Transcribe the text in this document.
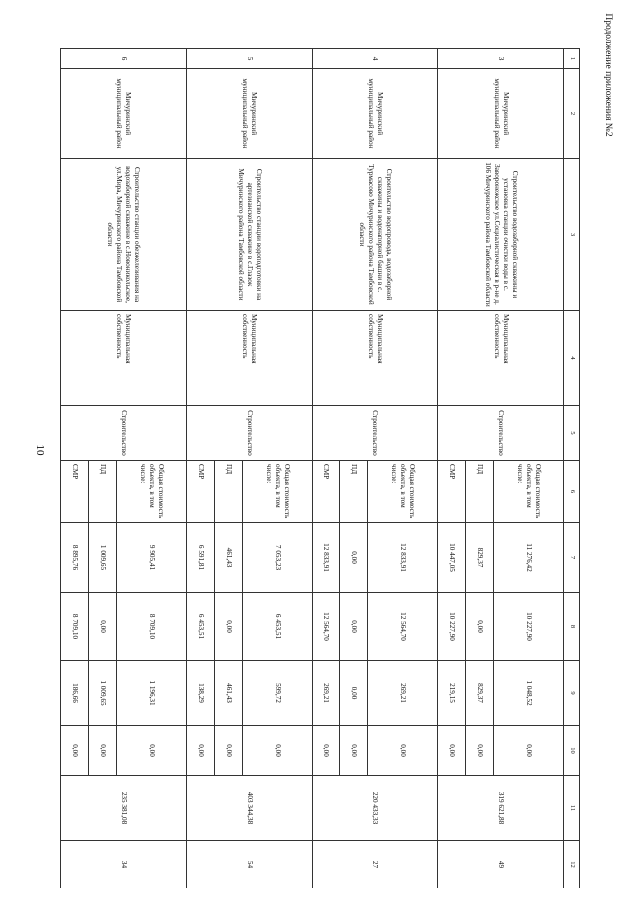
10
Продолжение приложения №2
1	2	3	4	5	6	7	8	9	10	11	12
3	Мичуринский муниципальный район	Строительство водозаборной скважины и установка станции очистки воды в с. Заворонежское ул.Социалистическая в р-не д. 106 Мичуринского района Тамбовской области	Муниципальная собственность	Строительство	Общая стоимость объекта, в том числе:	11 276,42	10 227,90	1 048,52	0,00	319 621,88	49
					ПД	829,37	0,00	829,37	0,00		
					СМР	10 447,05	10 227,90	219,15	0,00		
4	Мичуринский муниципальный район	Строительство водопровода, водозаборной скважины и водонапорной башни в с. Турмасово Мичуринского района Тамбовской области	Муниципальная собственность	Строительство	Общая стоимость объекта, в том числе:	12 833,91	12 564,70	269,21	0,00	220 433,33	27
					ПД	0,00	0,00	0,00	0,00		
					СМР	12 833,91	12 564,70	269,21	0,00		
5	Мичуринский муниципальный район	Строительство станции водоподготовки на артезианской скважине в с.Глазок Мичуринского района Тамбовской области	Муниципальная собственность	Строительство	Общая стоимость объекта, в том числе:	7 053,23	6 453,51	599,72	0,00	403 344,38	54
					ПД	461,43	0,00	461,43	0,00		
					СМР	6 591,81	6 453,51	138,29	0,00		
6	Мичуринский муниципальный район	Строительство станции обезжелезивания на водозаборной скважине в с.Новоникольское, ул.Мира, Мичуринского района Тамбовской области	Муниципальная собственность	Строительство	Общая стоимость объекта, в том числе:	9 905,41	8 709,10	1 196,31	0,00	235 381,08	34
					ПД	1 009,65	0,00	1 009,65	0,00		
					СМР	8 895,76	8 709,10	186,66	0,00		
